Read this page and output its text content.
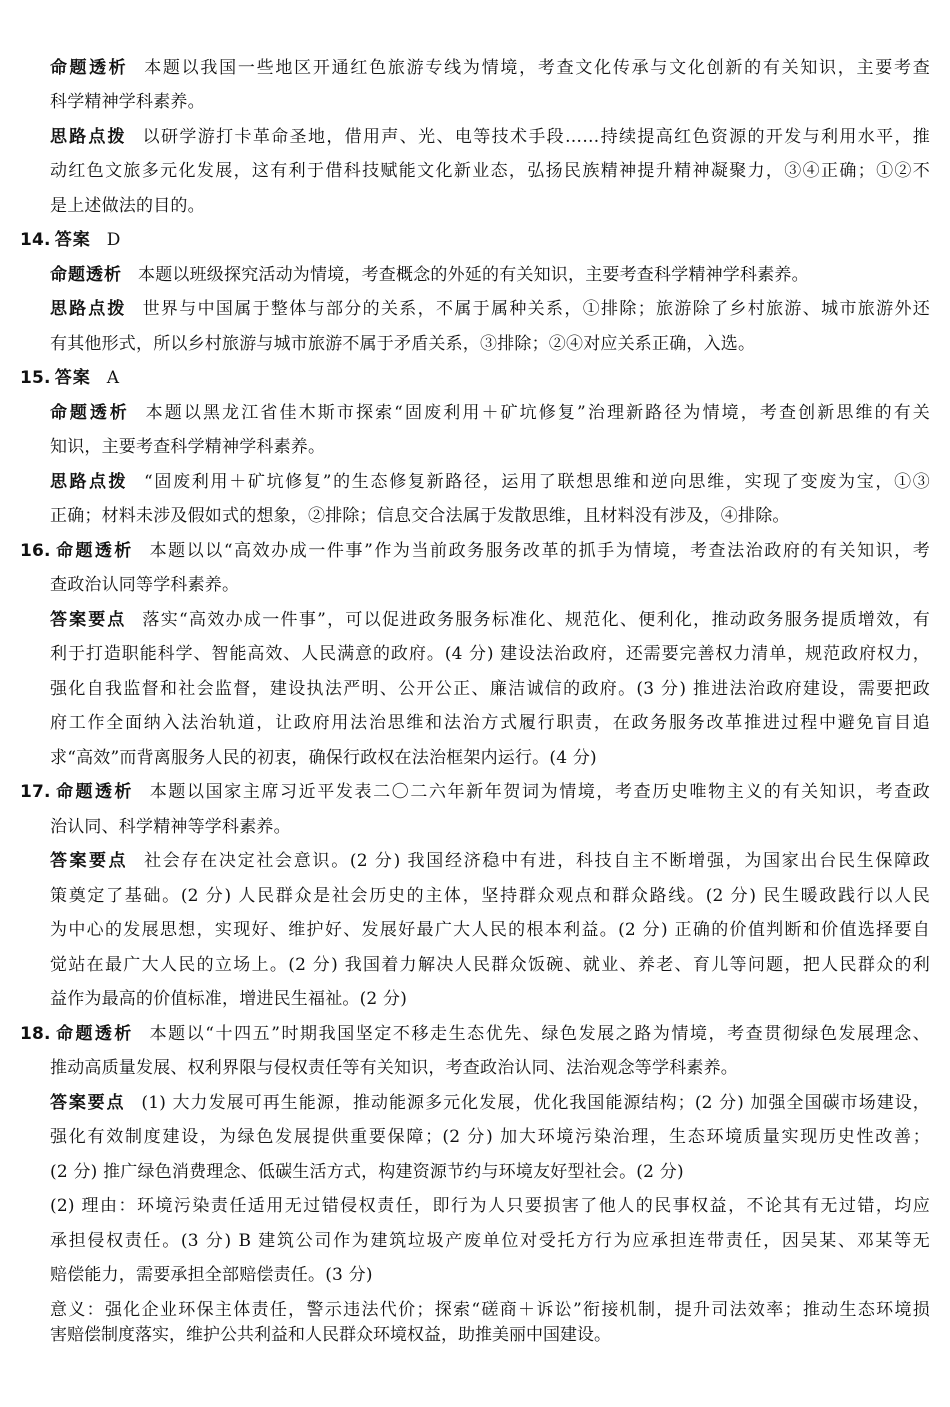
命题透析 本题以我国一些地区开通红色旅游专线为情境，考查文化传承与文化创新的有关知识，主要考查
科学精神学科素养。
思路点拨 以研学游打卡革命圣地，借用声、光、电等技术手段……持续提高红色资源的开发与利用水平，推
动红色文旅多元化发展，这有利于借科技赋能文化新业态，弘扬民族精神提升精神凝聚力，③④正确；①②不
是上述做法的目的。
14. 答案 D
命题透析 本题以班级探究活动为情境，考查概念的外延的有关知识，主要考查科学精神学科素养。
思路点拨 世界与中国属于整体与部分的关系，不属于属种关系，①排除；旅游除了乡村旅游、城市旅游外还
有其他形式，所以乡村旅游与城市旅游不属于矛盾关系，③排除；②④对应关系正确，入选。
15. 答案 A
命题透析 本题以黑龙江省佳木斯市探索“固废利用＋矿坑修复”治理新路径为情境，考查创新思维的有关
知识，主要考查科学精神学科素养。
思路点拨 “固废利用＋矿坑修复”的生态修复新路径，运用了联想思维和逆向思维，实现了变废为宝，①③
正确；材料未涉及假如式的想象，②排除；信息交合法属于发散思维，且材料没有涉及，④排除。
16. 命题透析 本题以以“高效办成一件事”作为当前政务服务改革的抓手为情境，考查法治政府的有关知识，考
查政治认同等学科素养。
答案要点 落实“高效办成一件事”，可以促进政务服务标准化、规范化、便利化，推动政务服务提质增效，有
利于打造职能科学、智能高效、人民满意的政府。(4 分) 建设法治政府，还需要完善权力清单，规范政府权力，
强化自我监督和社会监督，建设执法严明、公开公正、廉洁诚信的政府。(3 分) 推进法治政府建设，需要把政
府工作全面纳入法治轨道，让政府用法治思维和法治方式履行职责，在政务服务改革推进过程中避免盲目追
求“高效”而背离服务人民的初衷，确保行政权在法治框架内运行。(4 分)
17. 命题透析 本题以国家主席习近平发表二〇二六年新年贺词为情境，考查历史唯物主义的有关知识，考查政
治认同、科学精神等学科素养。
答案要点 社会存在决定社会意识。(2 分) 我国经济稳中有进，科技自主不断增强，为国家出台民生保障政
策奠定了基础。(2 分) 人民群众是社会历史的主体，坚持群众观点和群众路线。(2 分) 民生暖政践行以人民
为中心的发展思想，实现好、维护好、发展好最广大人民的根本利益。(2 分) 正确的价值判断和价值选择要自
觉站在最广大人民的立场上。(2 分) 我国着力解决人民群众饭碗、就业、养老、育儿等问题，把人民群众的利
益作为最高的价值标准，增进民生福祉。(2 分)
18. 命题透析 本题以“十四五”时期我国坚定不移走生态优先、绿色发展之路为情境，考查贯彻绿色发展理念、
推动高质量发展、权利界限与侵权责任等有关知识，考查政治认同、法治观念等学科素养。
答案要点 (1) 大力发展可再生能源，推动能源多元化发展，优化我国能源结构；(2 分) 加强全国碳市场建设，
强化有效制度建设，为绿色发展提供重要保障；(2 分) 加大环境污染治理，生态环境质量实现历史性改善；
(2 分) 推广绿色消费理念、低碳生活方式，构建资源节约与环境友好型社会。(2 分)
(2) 理由：环境污染责任适用无过错侵权责任，即行为人只要损害了他人的民事权益，不论其有无过错，均应
承担侵权责任。(3 分) B 建筑公司作为建筑垃圾产废单位对受托方行为应承担连带责任，因吴某、邓某等无
赔偿能力，需要承担全部赔偿责任。(3 分)
意义：强化企业环保主体责任，警示违法代价；探索“磋商＋诉讼”衔接机制，提升司法效率；推动生态环境损
害赔偿制度落实，维护公共利益和人民群众环境权益，助推美丽中国建设。
